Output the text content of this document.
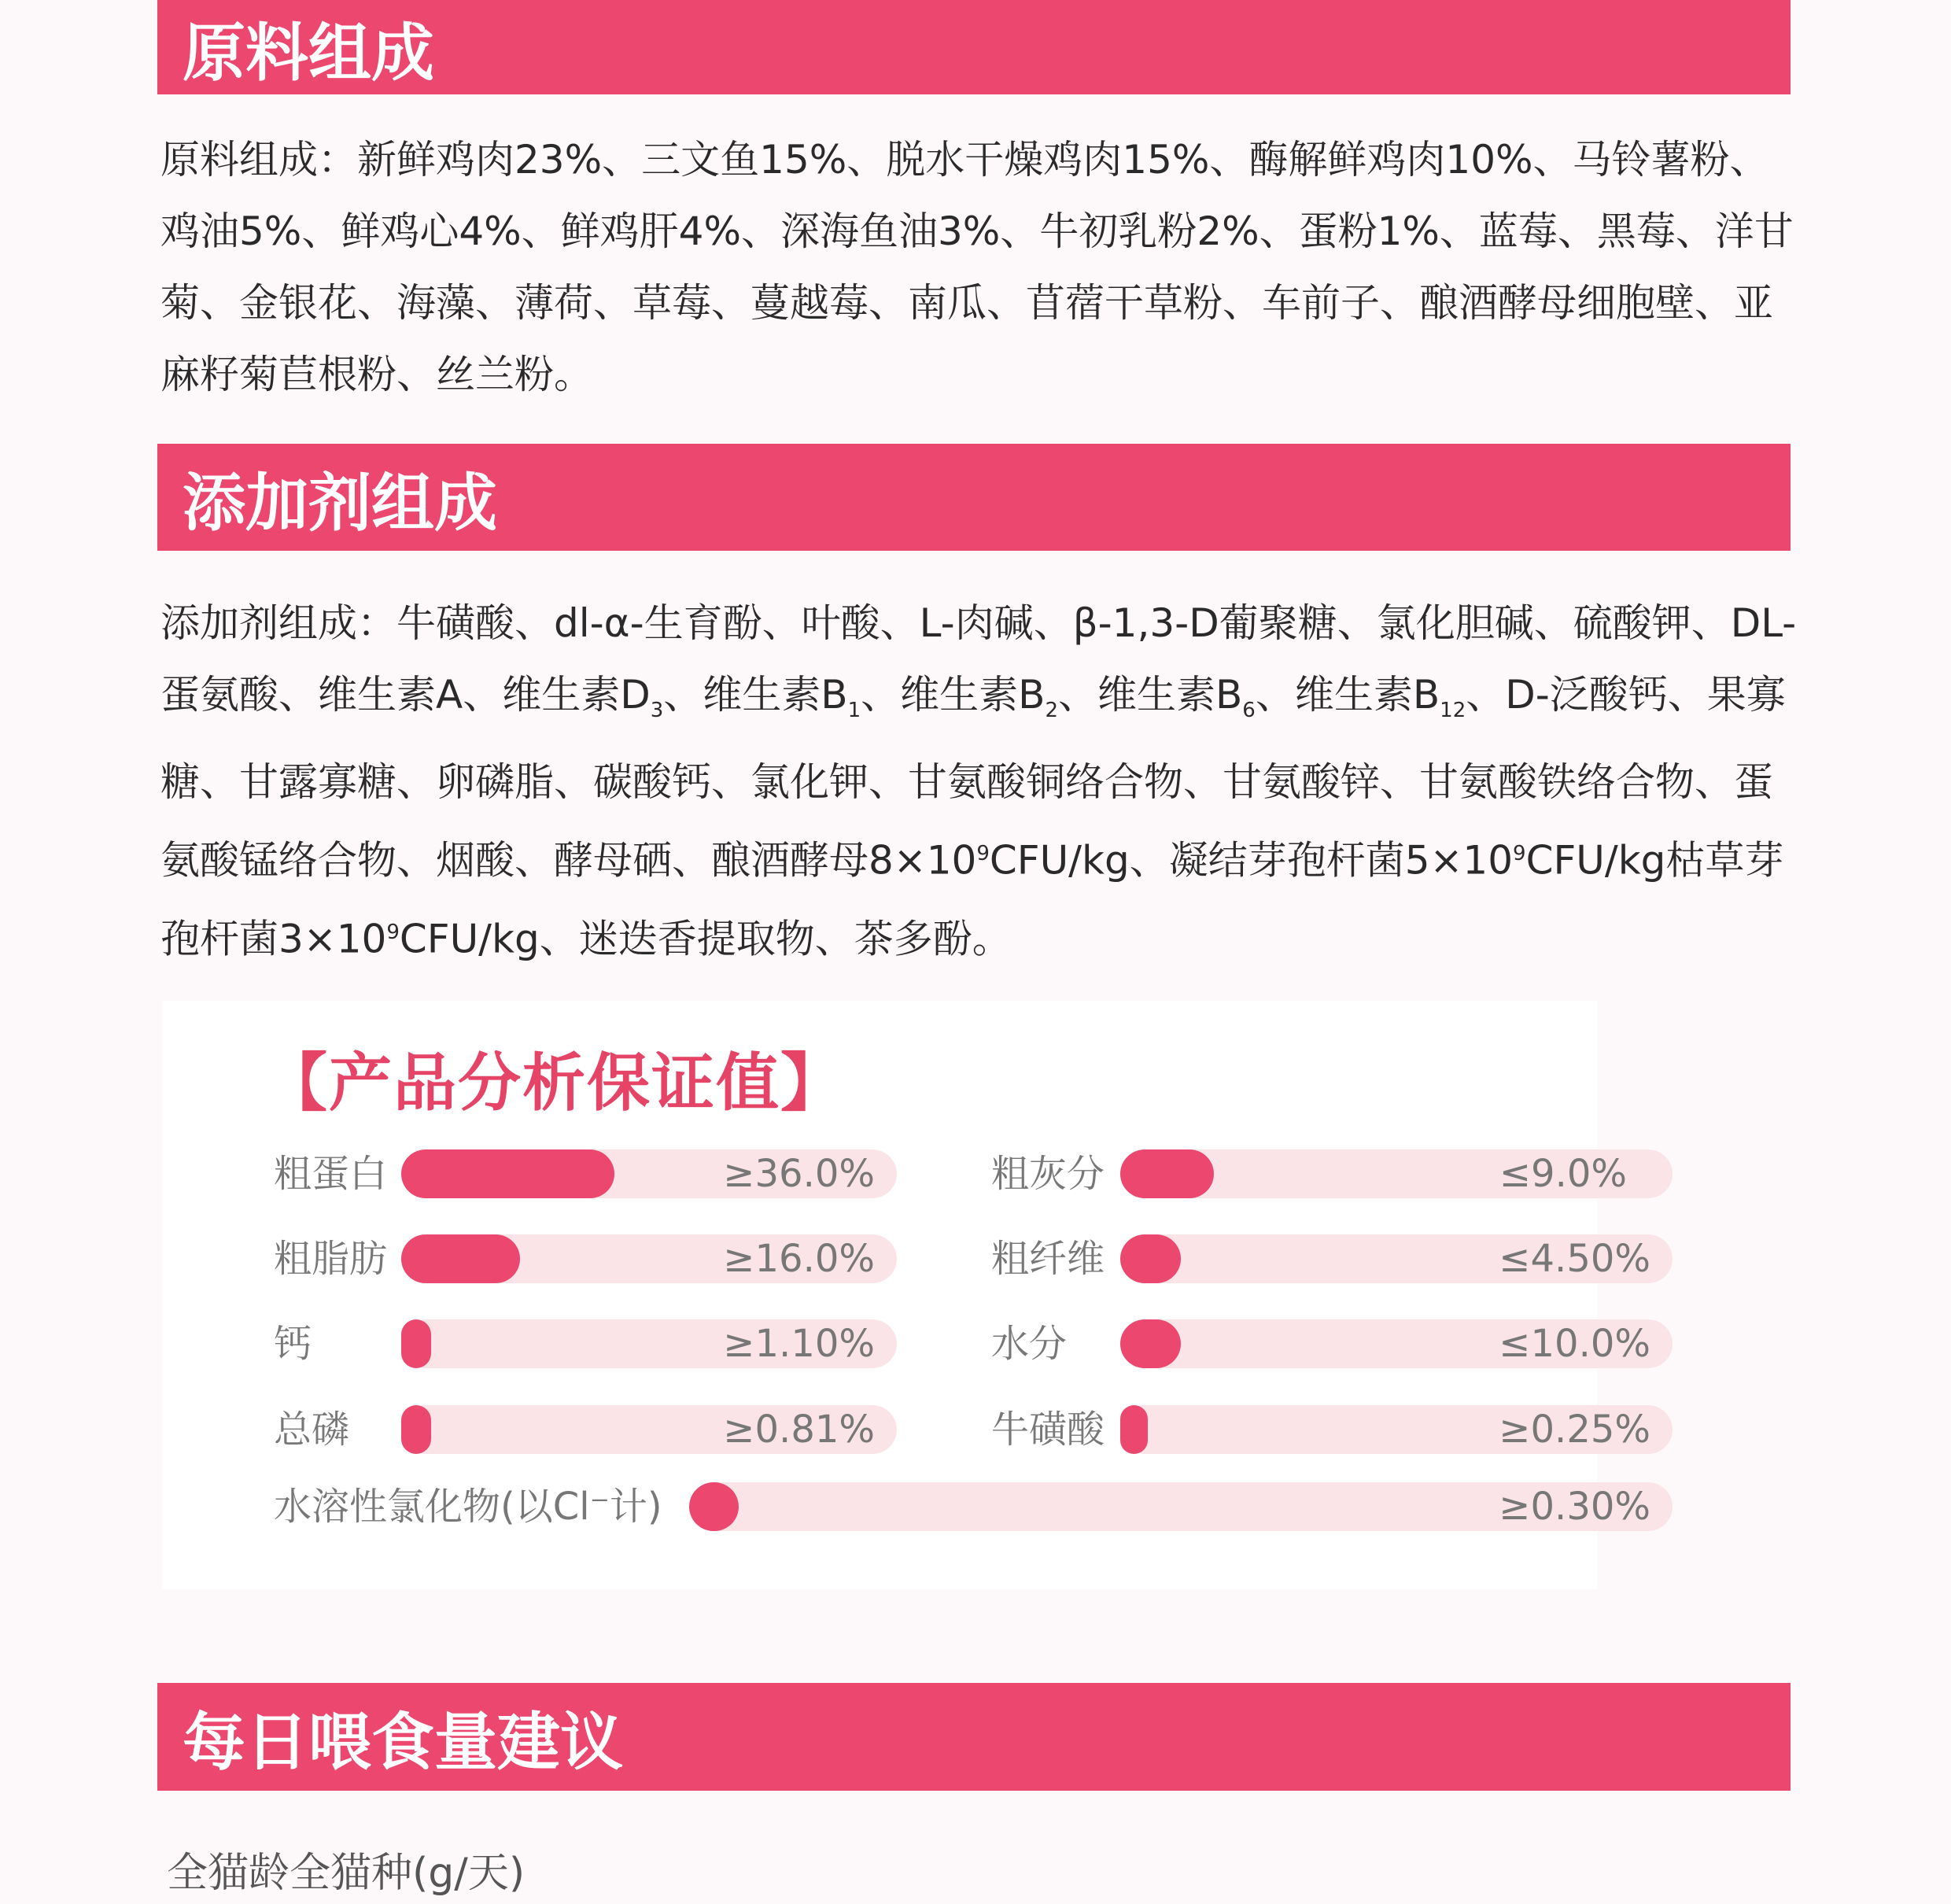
原料组成

原料组成：新鲜鸡肉23%、三文鱼15%、脱水干燥鸡肉15%、酶解鲜鸡肉10%、马铃薯粉、鸡油5%、鲜鸡心4%、鲜鸡肝4%、深海鱼油3%、牛初乳粉2%、蛋粉1%、蓝莓、黑莓、洋甘菊、金银花、海藻、薄荷、草莓、蔓越莓、南瓜、苜蓿干草粉、车前子、酿酒酵母细胞壁、亚麻籽菊苣根粉、丝兰粉。

添加剂组成

添加剂组成：牛磺酸、dl-α-生育酚、叶酸、L-肉碱、β-1,3-D葡聚糖、氯化胆碱、硫酸钾、DL-蛋氨酸、维生素A、维生素$D_3$、维生素$B_1$、维生素$B_2$、维生素$B_6$、维生素$B_{12}$、D-泛酸钙、果寡糖、甘露寡糖、卵磷脂、碳酸钙、氯化钾、甘氨酸铜络合物、甘氨酸锌、甘氨酸铁络合物、蛋氨酸锰络合物、烟酸、酵母硒、酿酒酵母$8\times 10^9CFU/kg$、凝结芽孢杆菌$5\times 10^9CFU/kg$枯草芽孢杆菌$3\times 10^9CFU/kg$、迷迭香提取物、茶多酚。

【产品分析保证值】
粗蛋白	≥36.0%	粗灰分	≤9.0%
粗脂肪	≥16.0%	粗纤维	≤4.50%
钙	≥1.10%	水分	≤10.0%
总磷	≥0.81%	牛磺酸	≥0.25%
水溶性氯化物(以Cl⁻计)	≥0.30%
每日喂食量建议
全猫龄全猫种(g/天)
